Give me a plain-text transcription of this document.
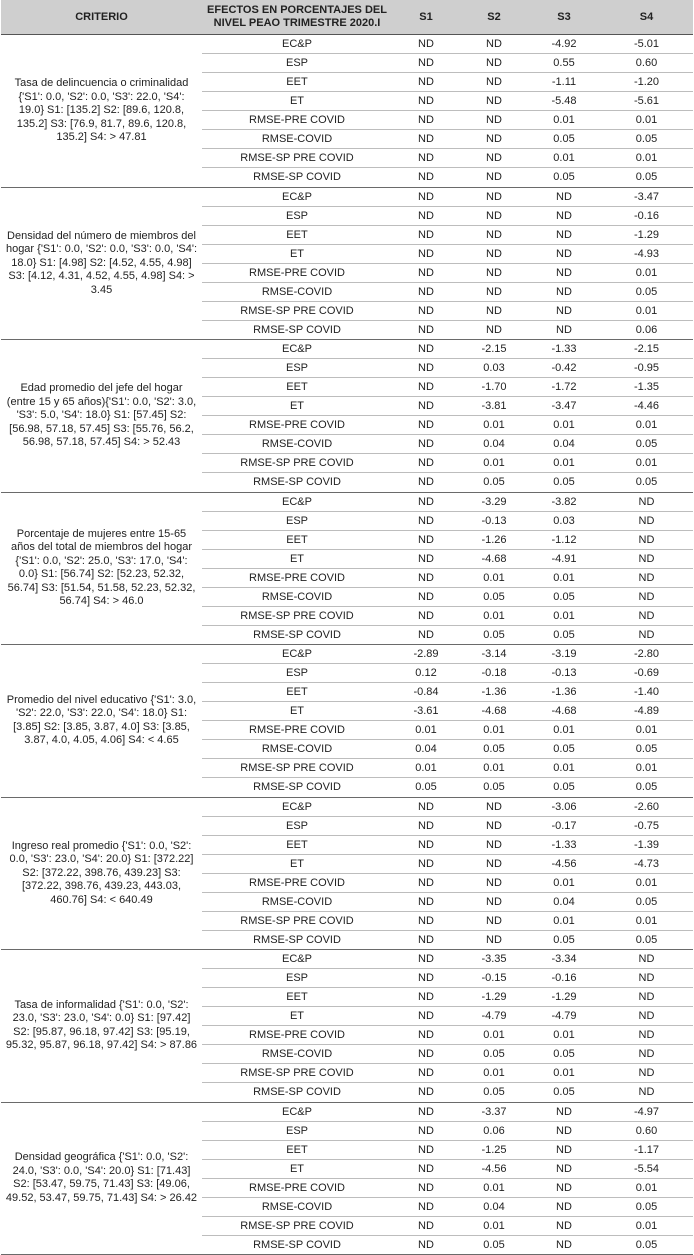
CRITERIO	EFECTOS EN PORCENTAJES DEL NIVEL PEAO TRIMESTRE 2020.I	S1	S2	S3	S4
Tasa de delincuencia o criminalidad {'S1': 0.0, 'S2': 0.0, 'S3': 22.0, 'S4': 19.0} S1: [135.2] S2: [89.6, 120.8, 135.2] S3: [76.9, 81.7, 89.6, 120.8, 135.2] S4: > 47.81	EC&P	ND	ND	-4.92	-5.01
	ESP	ND	ND	0.55	0.60
	EET	ND	ND	-1.11	-1.20
	ET	ND	ND	-5.48	-5.61
	RMSE-PRE COVID	ND	ND	0.01	0.01
	RMSE-COVID	ND	ND	0.05	0.05
	RMSE-SP PRE COVID	ND	ND	0.01	0.01
	RMSE-SP COVID	ND	ND	0.05	0.05
Densidad del número de miembros del hogar {'S1': 0.0, 'S2': 0.0, 'S3': 0.0, 'S4': 18.0} S1: [4.98] S2: [4.52, 4.55, 4.98] S3: [4.12, 4.31, 4.52, 4.55, 4.98] S4: > 3.45	EC&P	ND	ND	ND	-3.47
	ESP	ND	ND	ND	-0.16
	EET	ND	ND	ND	-1.29
	ET	ND	ND	ND	-4.93
	RMSE-PRE COVID	ND	ND	ND	0.01
	RMSE-COVID	ND	ND	ND	0.05
	RMSE-SP PRE COVID	ND	ND	ND	0.01
	RMSE-SP COVID	ND	ND	ND	0.06
Edad promedio del jefe del hogar (entre 15 y 65 años){'S1': 0.0, 'S2': 3.0, 'S3': 5.0, 'S4': 18.0} S1: [57.45] S2: [56.98, 57.18, 57.45] S3: [55.76, 56.2, 56.98, 57.18, 57.45] S4: > 52.43	EC&P	ND	-2.15	-1.33	-2.15
	ESP	ND	0.03	-0.42	-0.95
	EET	ND	-1.70	-1.72	-1.35
	ET	ND	-3.81	-3.47	-4.46
	RMSE-PRE COVID	ND	0.01	0.01	0.01
	RMSE-COVID	ND	0.04	0.04	0.05
	RMSE-SP PRE COVID	ND	0.01	0.01	0.01
	RMSE-SP COVID	ND	0.05	0.05	0.05
Porcentaje de mujeres entre 15-65 años del total de miembros del hogar {'S1': 0.0, 'S2': 25.0, 'S3': 17.0, 'S4': 0.0} S1: [56.74] S2: [52.23, 52.32, 56.74] S3: [51.54, 51.58, 52.23, 52.32, 56.74] S4: > 46.0	EC&P	ND	-3.29	-3.82	ND
	ESP	ND	-0.13	0.03	ND
	EET	ND	-1.26	-1.12	ND
	ET	ND	-4.68	-4.91	ND
	RMSE-PRE COVID	ND	0.01	0.01	ND
	RMSE-COVID	ND	0.05	0.05	ND
	RMSE-SP PRE COVID	ND	0.01	0.01	ND
	RMSE-SP COVID	ND	0.05	0.05	ND
Promedio del nivel educativo {'S1': 3.0, 'S2': 22.0, 'S3': 22.0, 'S4': 18.0} S1: [3.85] S2: [3.85, 3.87, 4.0] S3: [3.85, 3.87, 4.0, 4.05, 4.06] S4: < 4.65	EC&P	-2.89	-3.14	-3.19	-2.80
	ESP	0.12	-0.18	-0.13	-0.69
	EET	-0.84	-1.36	-1.36	-1.40
	ET	-3.61	-4.68	-4.68	-4.89
	RMSE-PRE COVID	0.01	0.01	0.01	0.01
	RMSE-COVID	0.04	0.05	0.05	0.05
	RMSE-SP PRE COVID	0.01	0.01	0.01	0.01
	RMSE-SP COVID	0.05	0.05	0.05	0.05
Ingreso real promedio {'S1': 0.0, 'S2': 0.0, 'S3': 23.0, 'S4': 20.0} S1: [372.22] S2: [372.22, 398.76, 439.23] S3: [372.22, 398.76, 439.23, 443.03, 460.76] S4: < 640.49	EC&P	ND	ND	-3.06	-2.60
	ESP	ND	ND	-0.17	-0.75
	EET	ND	ND	-1.33	-1.39
	ET	ND	ND	-4.56	-4.73
	RMSE-PRE COVID	ND	ND	0.01	0.01
	RMSE-COVID	ND	ND	0.04	0.05
	RMSE-SP PRE COVID	ND	ND	0.01	0.01
	RMSE-SP COVID	ND	ND	0.05	0.05
Tasa de informalidad {'S1': 0.0, 'S2': 23.0, 'S3': 23.0, 'S4': 0.0} S1: [97.42] S2: [95.87, 96.18, 97.42] S3: [95.19, 95.32, 95.87, 96.18, 97.42] S4: > 87.86	EC&P	ND	-3.35	-3.34	ND
	ESP	ND	-0.15	-0.16	ND
	EET	ND	-1.29	-1.29	ND
	ET	ND	-4.79	-4.79	ND
	RMSE-PRE COVID	ND	0.01	0.01	ND
	RMSE-COVID	ND	0.05	0.05	ND
	RMSE-SP PRE COVID	ND	0.01	0.01	ND
	RMSE-SP COVID	ND	0.05	0.05	ND
Densidad geográfica {'S1': 0.0, 'S2': 24.0, 'S3': 0.0, 'S4': 20.0} S1: [71.43] S2: [53.47, 59.75, 71.43] S3: [49.06, 49.52, 53.47, 59.75, 71.43] S4: > 26.42	EC&P	ND	-3.37	ND	-4.97
	ESP	ND	0.06	ND	0.60
	EET	ND	-1.25	ND	-1.17
	ET	ND	-4.56	ND	-5.54
	RMSE-PRE COVID	ND	0.01	ND	0.01
	RMSE-COVID	ND	0.04	ND	0.05
	RMSE-SP PRE COVID	ND	0.01	ND	0.01
	RMSE-SP COVID	ND	0.05	ND	0.05
